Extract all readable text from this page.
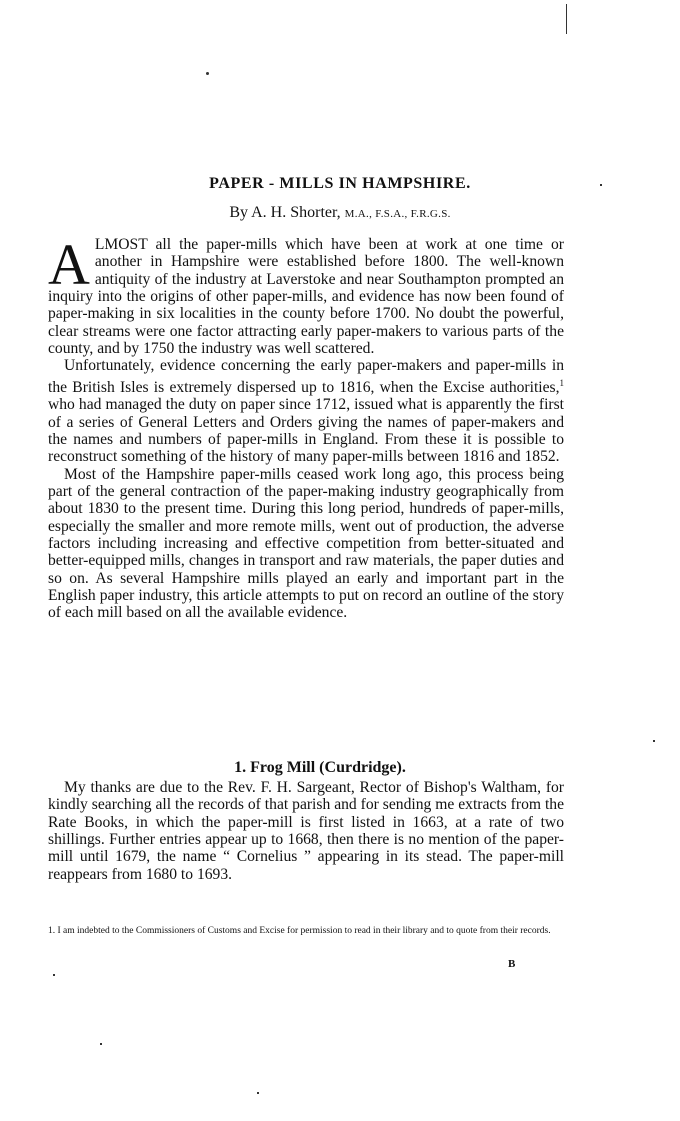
PAPER - MILLS IN HAMPSHIRE.
By A. H. Shorter, M.A., F.S.A., F.R.G.S.

ALMOST all the paper-mills which have been at work at one time or another in Hampshire were established before 1800. The well-known antiquity of the industry at Laverstoke and near Southampton prompted an inquiry into the origins of other paper-mills, and evidence has now been found of paper-making in six localities in the county before 1700. No doubt the powerful, clear streams were one factor attracting early paper-makers to various parts of the county, and by 1750 the industry was well scattered.

Unfortunately, evidence concerning the early paper-makers and paper-mills in the British Isles is extremely dispersed up to 1816, when the Excise authorities,$^1$ who had managed the duty on paper since 1712, issued what is apparently the first of a series of General Letters and Orders giving the names of paper-makers and the names and numbers of paper-mills in England. From these it is possible to reconstruct something of the history of many paper-mills between 1816 and 1852.

Most of the Hampshire paper-mills ceased work long ago, this process being part of the general contraction of the paper-making industry geographically from about 1830 to the present time. During this long period, hundreds of paper-mills, especially the smaller and more remote mills, went out of production, the adverse factors including increasing and effective competition from better-situated and better-equipped mills, changes in transport and raw materials, the paper duties and so on. As several Hampshire mills played an early and important part in the English paper industry, this article attempts to put on record an outline of the story of each mill based on all the available evidence.

1. Frog Mill (Curdridge).

My thanks are due to the Rev. F. H. Sargeant, Rector of Bishop's Waltham, for kindly searching all the records of that parish and for sending me extracts from the Rate Books, in which the paper-mill is first listed in 1663, at a rate of two shillings. Further entries appear up to 1668, then there is no mention of the paper-mill until 1679, the name “ Cornelius ” appearing in its stead. The paper-mill reappears from 1680 to 1693.

1. I am indebted to the Commissioners of Customs and Excise for permission to read in their library and to quote from their records.
B
